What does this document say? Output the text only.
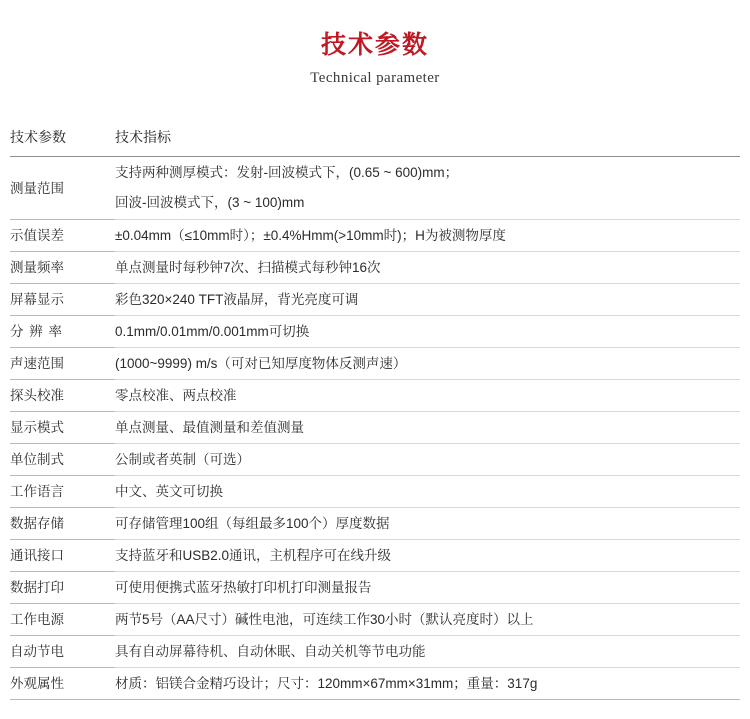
技术参数
Technical parameter
技术参数	技术指标
测量范围	支持两种测厚模式：发射-回波模式下，(0.65 ~ 600)mm；
回波-回波模式下，(3 ~ 100)mm

示值误差	±0.04mm（≤10mm时）；±0.4%Hmm(>10mm时)；H为被测物厚度
测量频率	单点测量时每秒钟7次、扫描模式每秒钟16次
屏幕显示	彩色320×240 TFT液晶屏，背光亮度可调
分 辨 率	0.1mm/0.01mm/0.001mm可切换
声速范围	(1000~9999) m/s（可对已知厚度物体反测声速）
探头校准	零点校准、两点校准
显示模式	单点测量、最值测量和差值测量
单位制式	公制或者英制（可选）
工作语言	中文、英文可切换
数据存储	可存储管理100组（每组最多100个）厚度数据
通讯接口	支持蓝牙和USB2.0通讯，主机程序可在线升级
数据打印	可使用便携式蓝牙热敏打印机打印测量报告
工作电源	两节5号（AA尺寸）碱性电池，可连续工作30小时（默认亮度时）以上
自动节电	具有自动屏幕待机、自动休眠、自动关机等节电功能
外观属性	材质：铝镁合金精巧设计；尺寸：120mm×67mm×31mm；重量：317g
